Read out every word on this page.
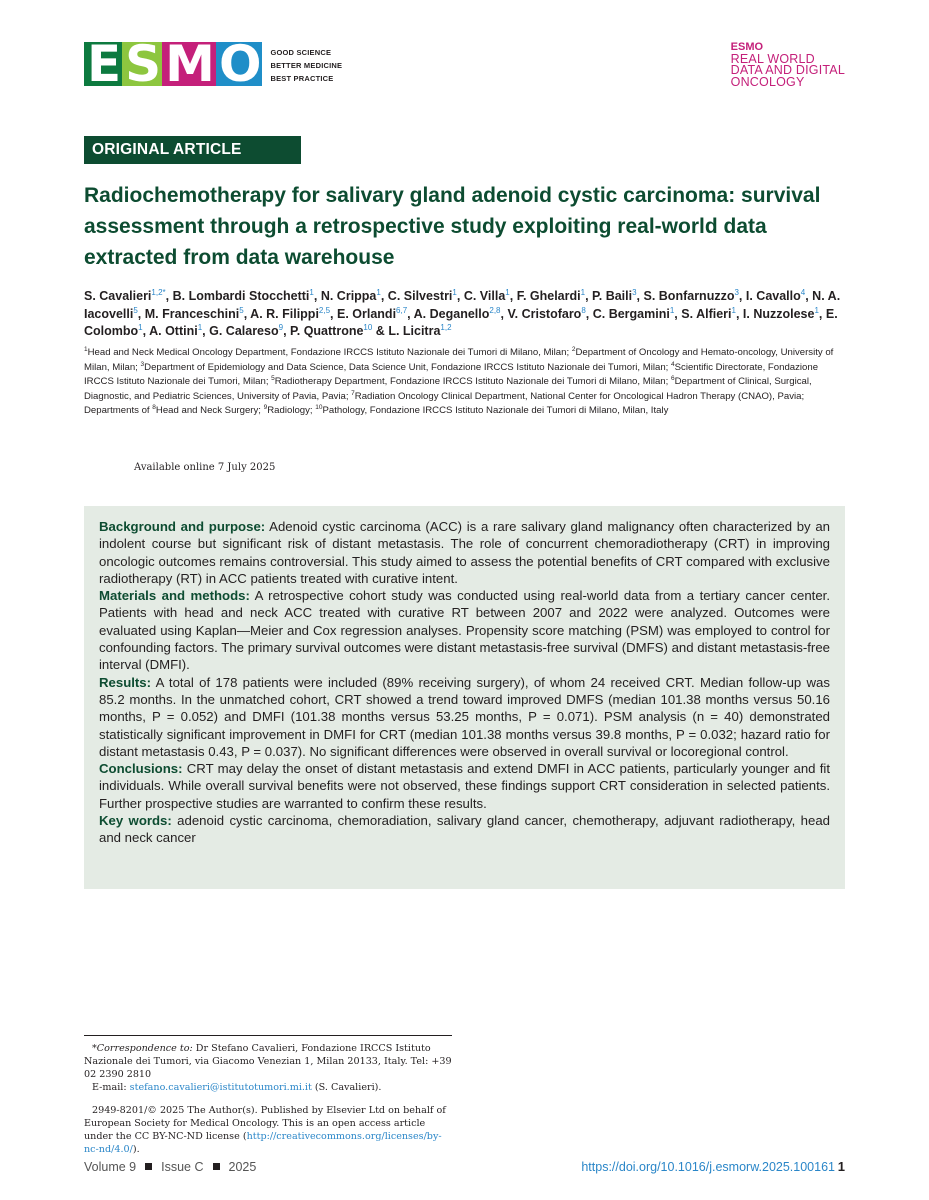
E S M O GOOD SCIENCE
BETTER MEDICINE
BEST PRACTICE
ESMO
REAL WORLD
DATA AND DIGITAL
ONCOLOGY
ORIGINAL ARTICLE
Radiochemotherapy for salivary gland adenoid cystic carcinoma: survival assessment through a retrospective study exploiting real-world data extracted from data warehouse
S. Cavalieri$^{1,2*}$, B. Lombardi Stocchetti$^1$, N. Crippa$^1$, C. Silvestri$^1$, C. Villa$^1$, F. Ghelardi$^1$, P. Baili$^3$, S. Bonfarnuzzo$^3$, I. Cavallo$^4$, N. A. Iacovelli$^5$, M. Franceschini$^5$, A. R. Filippi$^{2,5}$, E. Orlandi$^{6,7}$, A. Deganello$^{2,8}$, V. Cristofaro$^8$, C. Bergamini$^1$, S. Alfieri$^1$, I. Nuzzolese$^1$, E. Colombo$^1$, A. Ottini$^1$, G. Calareso$^9$, P. Quattrone$^{10}$ & L. Licitra$^{1,2}$
$^1$Head and Neck Medical Oncology Department, Fondazione IRCCS Istituto Nazionale dei Tumori di Milano, Milan; $^2$Department of Oncology and Hemato-oncology, University of Milan, Milan; $^3$Department of Epidemiology and Data Science, Data Science Unit, Fondazione IRCCS Istituto Nazionale dei Tumori, Milan; $^4$Scientific Directorate, Fondazione IRCCS Istituto Nazionale dei Tumori, Milan; $^5$Radiotherapy Department, Fondazione IRCCS Istituto Nazionale dei Tumori di Milano, Milan; $^6$Department of Clinical, Surgical, Diagnostic, and Pediatric Sciences, University of Pavia, Pavia; $^7$Radiation Oncology Clinical Department, National Center for Oncological Hadron Therapy (CNAO), Pavia; Departments of $^8$Head and Neck Surgery; $^9$Radiology; $^{10}$Pathology, Fondazione IRCCS Istituto Nazionale dei Tumori di Milano, Milan, Italy
Available online 7 July 2025

Background and purpose: Adenoid cystic carcinoma (ACC) is a rare salivary gland malignancy often characterized by an indolent course but significant risk of distant metastasis. The role of concurrent chemoradiotherapy (CRT) in improving oncologic outcomes remains controversial. This study aimed to assess the potential benefits of CRT compared with exclusive radiotherapy (RT) in ACC patients treated with curative intent.

Materials and methods: A retrospective cohort study was conducted using real-world data from a tertiary cancer center. Patients with head and neck ACC treated with curative RT between 2007 and 2022 were analyzed. Outcomes were evaluated using Kaplan—Meier and Cox regression analyses. Propensity score matching (PSM) was employed to control for confounding factors. The primary survival outcomes were distant metastasis-free survival (DMFS) and distant metastasis-free interval (DMFI).

Results: A total of 178 patients were included (89% receiving surgery), of whom 24 received CRT. Median follow-up was 85.2 months. In the unmatched cohort, CRT showed a trend toward improved DMFS (median 101.38 months versus 50.16 months, P = 0.052) and DMFI (101.38 months versus 53.25 months, P = 0.071). PSM analysis (n = 40) demonstrated statistically significant improvement in DMFI for CRT (median 101.38 months versus 39.8 months, P = 0.032; hazard ratio for distant metastasis 0.43, P = 0.037). No significant differences were observed in overall survival or locoregional control.

Conclusions: CRT may delay the onset of distant metastasis and extend DMFI in ACC patients, particularly younger and fit individuals. While overall survival benefits were not observed, these findings support CRT consideration in selected patients. Further prospective studies are warranted to confirm these results.

Key words: adenoid cystic carcinoma, chemoradiation, salivary gland cancer, chemotherapy, adjuvant radiotherapy, head and neck cancer

*Correspondence to: Dr Stefano Cavalieri, Fondazione IRCCS Istituto Nazionale dei Tumori, via Giacomo Venezian 1, Milan 20133, Italy. Tel: +39 02 2390 2810
E-mail: stefano.cavalieri@istitutotumori.mi.it (S. Cavalieri).
2949-8201/© 2025 The Author(s). Published by Elsevier Ltd on behalf of European Society for Medical Oncology. This is an open access article under the CC BY-NC-ND license (http://creativecommons.org/licenses/by-nc-nd/4.0/).
Volume 9 Issue C 2025	https://doi.org/10.1016/j.esmorw.2025.100161 1
